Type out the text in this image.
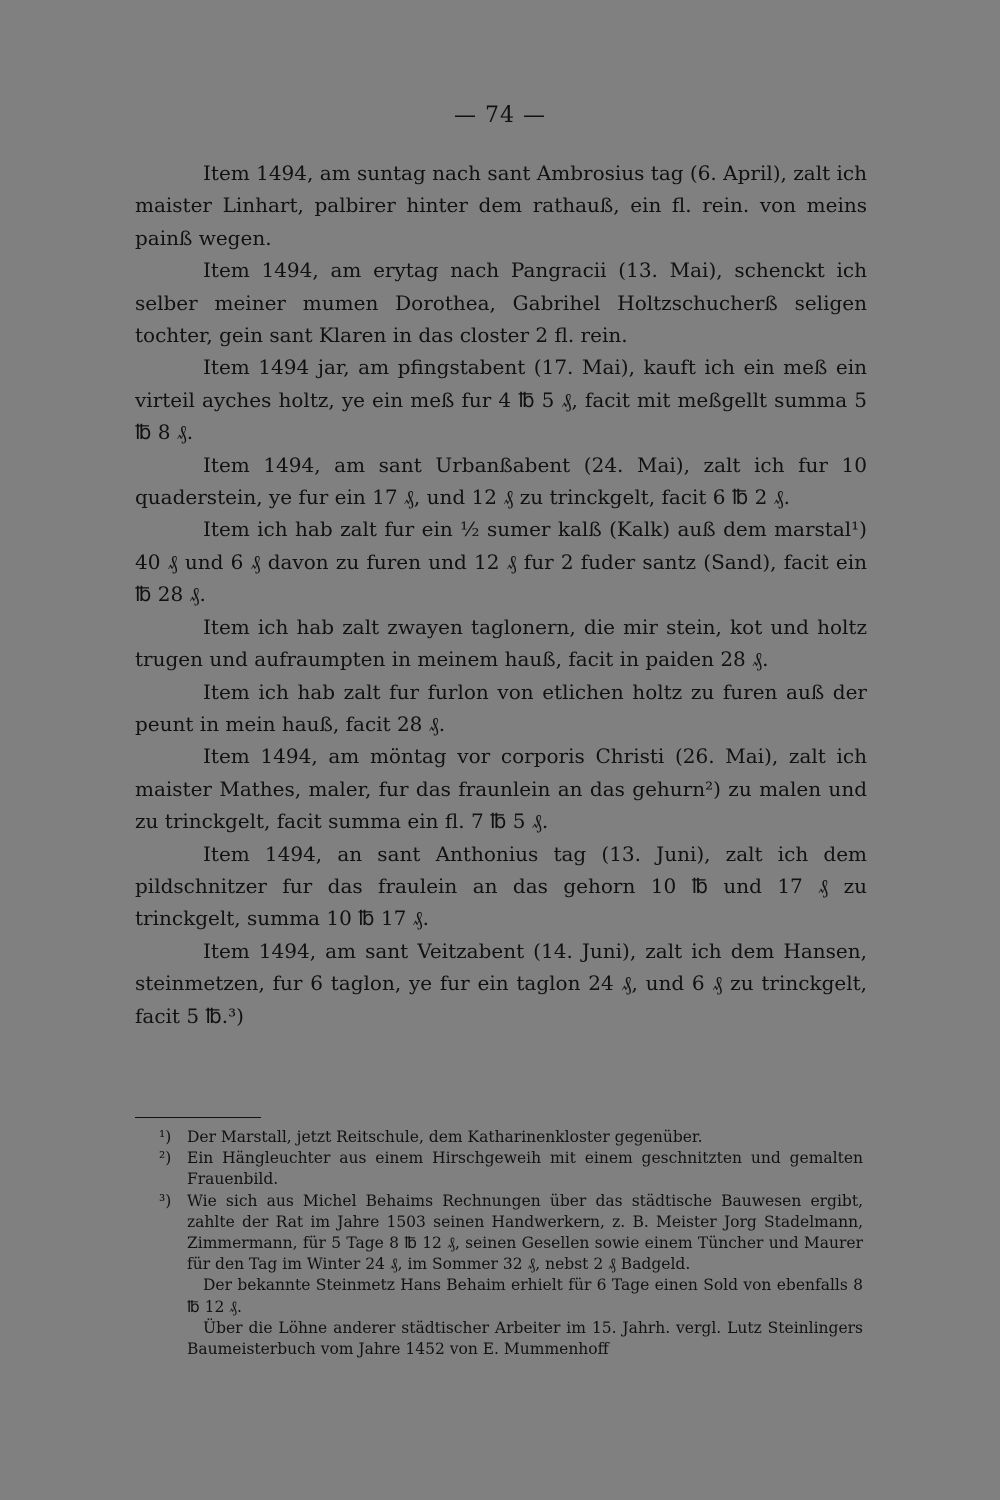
— 74 —

Item 1494, am suntag nach sant Ambrosius tag (6. April), zalt ich maister Linhart, palbirer hinter dem rathauß, ein fl. rein. von meins painß wegen.

Item 1494, am erytag nach Pangracii (13. Mai), schenckt ich selber meiner mumen Dorothea, Gabrihel Holtzschucherß seligen tochter, gein sant Klaren in das closter 2 fl. rein.

Item 1494 jar, am pfingstabent (17. Mai), kauft ich ein meß ein virteil ayches holtz, ye ein meß fur 4 ℔ 5 ₰, facit mit meßgellt summa 5 ℔ 8 ₰.

Item 1494, am sant Urbanßabent (24. Mai), zalt ich fur 10 quaderstein, ye fur ein 17 ₰, und 12 ₰ zu trinckgelt, facit 6 ℔ 2 ₰.

Item ich hab zalt fur ein ½ sumer kalß (Kalk) auß dem marstal¹) 40 ₰ und 6 ₰ davon zu furen und 12 ₰ fur 2 fuder santz (Sand), facit ein ℔ 28 ₰.

Item ich hab zalt zwayen taglonern, die mir stein, kot und holtz trugen und aufraumpten in meinem hauß, facit in paiden 28 ₰.

Item ich hab zalt fur furlon von etlichen holtz zu furen auß der peunt in mein hauß, facit 28 ₰.

Item 1494, am möntag vor corporis Christi (26. Mai), zalt ich maister Mathes, maler, fur das fraunlein an das gehurn²) zu malen und zu trinckgelt, facit summa ein fl. 7 ℔ 5 ₰.

Item 1494, an sant Anthonius tag (13. Juni), zalt ich dem pildschnitzer fur das fraulein an das gehorn 10 ℔ und 17 ₰ zu trinckgelt, summa 10 ℔ 17 ₰.

Item 1494, am sant Veitzabent (14. Juni), zalt ich dem Hansen, steinmetzen, fur 6 taglon, ye fur ein taglon 24 ₰, und 6 ₰ zu trinckgelt, facit 5 ℔.³)

¹) Der Marstall, jetzt Reitschule, dem Katharinenkloster gegenüber.

²) Ein Hängleuchter aus einem Hirschgeweih mit einem geschnitzten und gemalten Frauenbild.

³) Wie sich aus Michel Behaims Rechnungen über das städtische Bauwesen ergibt, zahlte der Rat im Jahre 1503 seinen Handwerkern, z. B. Meister Jorg Stadelmann, Zimmermann, für 5 Tage 8 ℔ 12 ₰, seinen Gesellen sowie einem Tüncher und Maurer für den Tag im Winter 24 ₰, im Sommer 32 ₰, nebst 2 ₰ Badgeld.

Der bekannte Steinmetz Hans Behaim erhielt für 6 Tage einen Sold von ebenfalls 8 ℔ 12 ₰.

Über die Löhne anderer städtischer Arbeiter im 15. Jahrh. vergl. Lutz Steinlingers Baumeisterbuch vom Jahre 1452 von E. Mummenhoff
